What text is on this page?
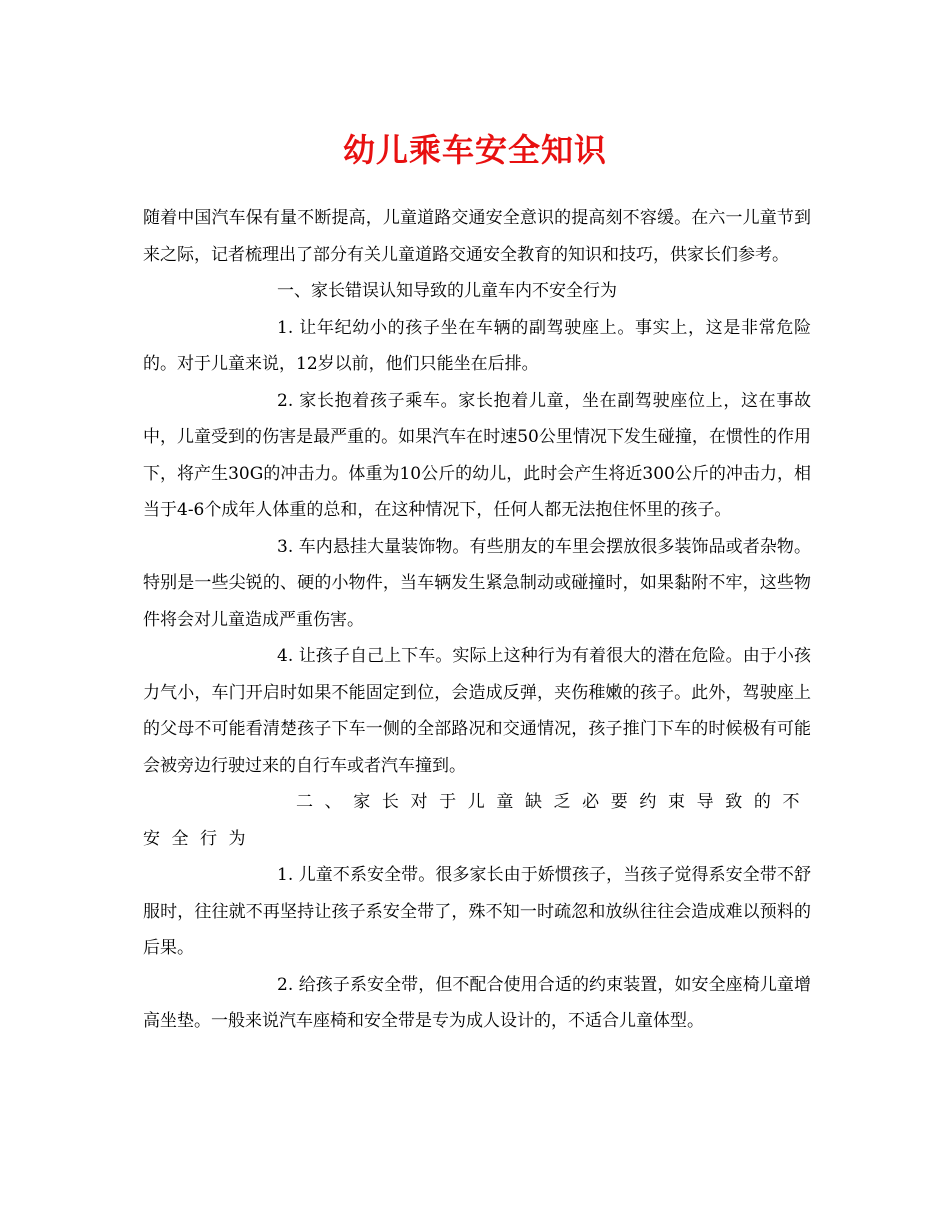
幼儿乘车安全知识

随着中国汽车保有量不断提高，儿童道路交通安全意识的提高刻不容缓。在六一儿童节到来之际，记者梳理出了部分有关儿童道路交通安全教育的知识和技巧，供家长们参考。

一、家长错误认知导致的儿童车内不安全行为

1. 让年纪幼小的孩子坐在车辆的副驾驶座上。事实上，这是非常危险的。对于儿童来说，12岁以前，他们只能坐在后排。

2. 家长抱着孩子乘车。家长抱着儿童，坐在副驾驶座位上，这在事故中，儿童受到的伤害是最严重的。如果汽车在时速50公里情况下发生碰撞，在惯性的作用下，将产生30G的冲击力。体重为10公斤的幼儿，此时会产生将近300公斤的冲击力，相当于4-6个成年人体重的总和，在这种情况下，任何人都无法抱住怀里的孩子。

3. 车内悬挂大量装饰物。有些朋友的车里会摆放很多装饰品或者杂物。特别是一些尖锐的、硬的小物件，当车辆发生紧急制动或碰撞时，如果黏附不牢，这些物件将会对儿童造成严重伤害。

4. 让孩子自己上下车。实际上这种行为有着很大的潜在危险。由于小孩力气小，车门开启时如果不能固定到位，会造成反弹，夹伤稚嫩的孩子。此外，驾驶座上的父母不可能看清楚孩子下车一侧的全部路况和交通情况，孩子推门下车的时候极有可能会被旁边行驶过来的自行车或者汽车撞到。

二、家长对于儿童缺乏必要约束导致的不安全行为

1. 儿童不系安全带。很多家长由于娇惯孩子，当孩子觉得系安全带不舒服时，往往就不再坚持让孩子系安全带了，殊不知一时疏忽和放纵往往会造成难以预料的后果。

2. 给孩子系安全带，但不配合使用合适的约束装置，如安全座椅儿童增高坐垫。一般来说汽车座椅和安全带是专为成人设计的，不适合儿童体型。
